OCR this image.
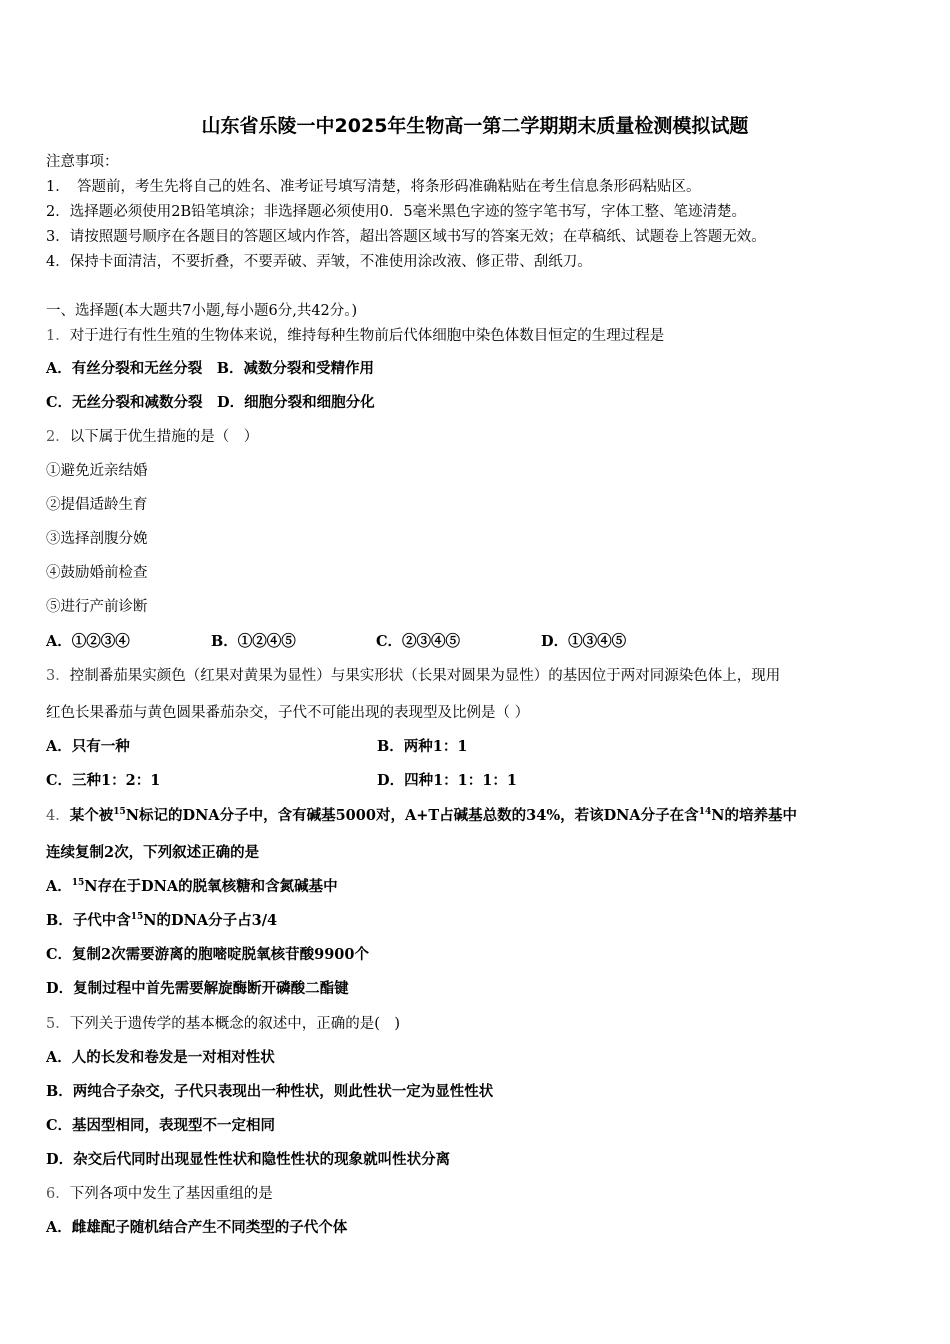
山东省乐陵一中2025年生物高一第二学期期末质量检测模拟试题
注意事项：
1．　答题前，考生先将自己的姓名、准考证号填写清楚，将条形码准确粘贴在考生信息条形码粘贴区。
2．选择题必须使用2B铅笔填涂；非选择题必须使用0．5毫米黑色字迹的签字笔书写，字体工整、笔迹清楚。
3．请按照题号顺序在各题目的答题区域内作答，超出答题区域书写的答案无效；在草稿纸、试题卷上答题无效。
4．保持卡面清洁，不要折叠，不要弄破、弄皱，不准使用涂改液、修正带、刮纸刀。
一、选择题(本大题共7小题,每小题6分,共42分。)
1．对于进行有性生殖的生物体来说，维持每种生物前后代体细胞中染色体数目恒定的生理过程是
A．有丝分裂和无丝分裂　B．减数分裂和受精作用
C．无丝分裂和减数分裂　D．细胞分裂和细胞分化
2．以下属于优生措施的是（　）
①避免近亲结婚
②提倡适龄生育
③选择剖腹分娩
④鼓励婚前检查
⑤进行产前诊断
A．①②③④	B．①②④⑤	C．②③④⑤	D．①③④⑤
3．控制番茄果实颜色（红果对黄果为显性）与果实形状（长果对圆果为显性）的基因位于两对同源染色体上，现用
红色长果番茄与黄色圆果番茄杂交，子代不可能出现的表现型及比例是（ ）
A．只有一种	B．两种1：1
C．三种1：2：1	D．四种1：1：1：1
4．某个被$^{15}$N标记的DNA分子中，含有碱基5000对，A+T占碱基总数的34%，若该DNA分子在含$^{14}$N的培养基中
连续复制2次，下列叙述正确的是
A．$^{15}$N存在于DNA的脱氧核糖和含氮碱基中
B．子代中含$^{15}$N的DNA分子占3/4
C．复制2次需要游离的胞嘧啶脱氧核苷酸9900个
D．复制过程中首先需要解旋酶断开磷酸二酯键
5．下列关于遗传学的基本概念的叙述中，正确的是(　)
A．人的长发和卷发是一对相对性状
B．两纯合子杂交，子代只表现出一种性状，则此性状一定为显性性状
C．基因型相同，表现型不一定相同
D．杂交后代同时出现显性性状和隐性性状的现象就叫性状分离
6．下列各项中发生了基因重组的是
A．雌雄配子随机结合产生不同类型的子代个体
